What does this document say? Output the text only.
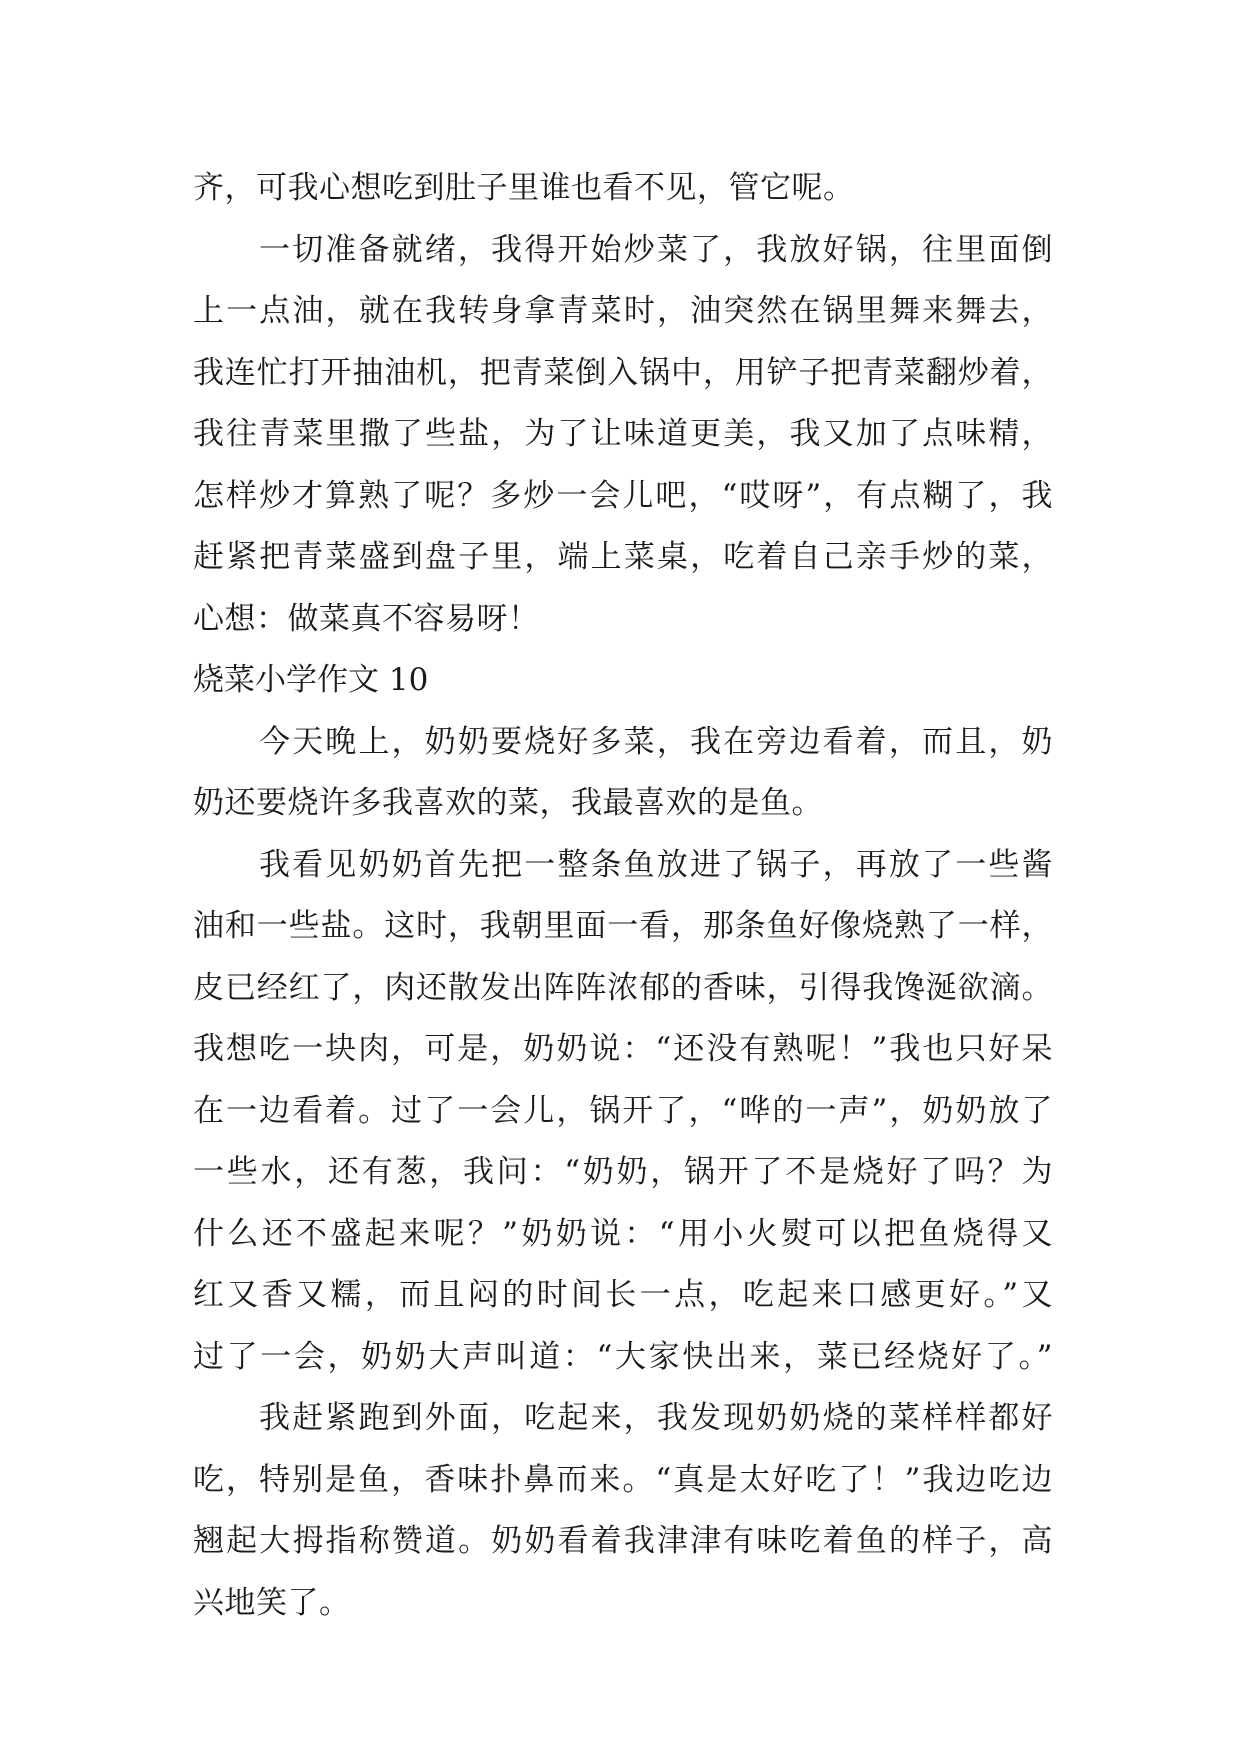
齐，可我心想吃到肚子里谁也看不见，管它呢。
一切准备就绪，我得开始炒菜了，我放好锅，往里面倒
上一点油，就在我转身拿青菜时，油突然在锅里舞来舞去，
我连忙打开抽油机，把青菜倒入锅中，用铲子把青菜翻炒着，
我往青菜里撒了些盐，为了让味道更美，我又加了点味精，
怎样炒才算熟了呢？多炒一会儿吧，“哎呀”，有点糊了，我
赶紧把青菜盛到盘子里，端上菜桌，吃着自己亲手炒的菜，
心想：做菜真不容易呀！
烧菜小学作文 10
今天晚上，奶奶要烧好多菜，我在旁边看着，而且，奶
奶还要烧许多我喜欢的菜，我最喜欢的是鱼。
我看见奶奶首先把一整条鱼放进了锅子，再放了一些酱
油和一些盐。这时，我朝里面一看，那条鱼好像烧熟了一样，
皮已经红了，肉还散发出阵阵浓郁的香味，引得我馋涎欲滴。
我想吃一块肉，可是，奶奶说：“还没有熟呢！”我也只好呆
在一边看着。过了一会儿，锅开了，“哗的一声”，奶奶放了
一些水，还有葱，我问：“奶奶，锅开了不是烧好了吗？为
什么还不盛起来呢？”奶奶说：“用小火熨可以把鱼烧得又
红又香又糯，而且闷的时间长一点，吃起来口感更好。”又
过了一会，奶奶大声叫道：“大家快出来，菜已经烧好了。”
我赶紧跑到外面，吃起来，我发现奶奶烧的菜样样都好
吃，特别是鱼，香味扑鼻而来。“真是太好吃了！”我边吃边
翘起大拇指称赞道。奶奶看着我津津有味吃着鱼的样子，高
兴地笑了。
